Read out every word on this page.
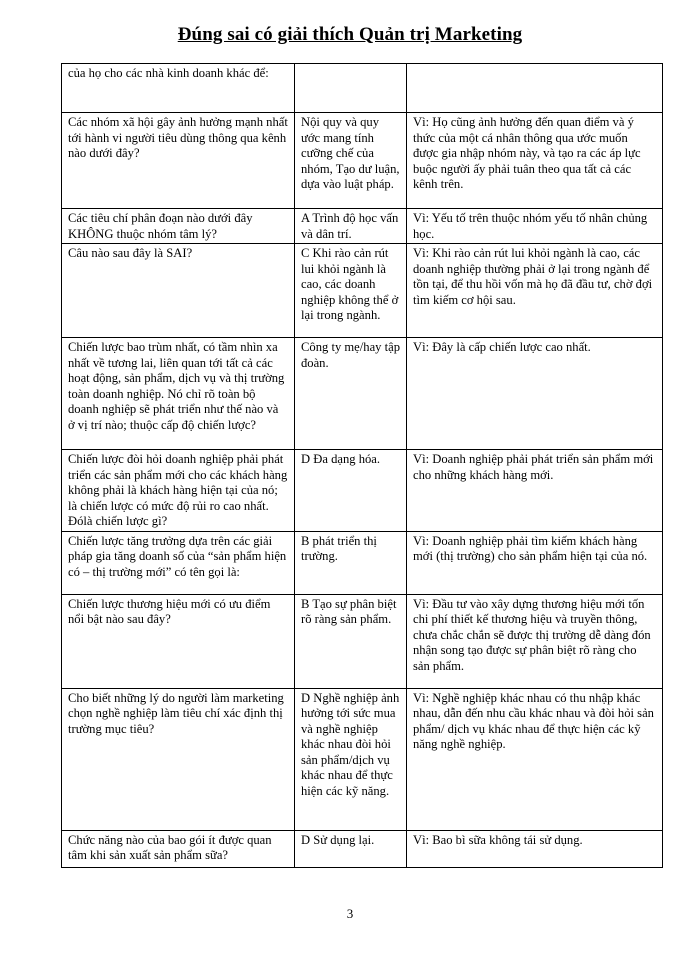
Đúng sai có giải thích Quản trị Marketing
của họ cho các nhà kinh doanh khác để:		

Các nhóm xã hội gây ảnh hưởng mạnh nhất tới hành vi người tiêu dùng thông qua kênh nào dưới đây?	Nội quy và quy ước mang tính cưỡng chế của nhóm, Tạo dư luận, dựa vào luật pháp.	Vì: Họ cũng ảnh hưởng đến quan điểm và ý thức của một cá nhân thông qua ước muốn được gia nhập nhóm này, và tạo ra các áp lực buộc người ấy phải tuân theo qua tất cả các kênh trên.

Các tiêu chí phân đoạn nào dưới đây KHÔNG thuộc nhóm tâm lý?	A Trình độ học vấn và dân trí.	Vì: Yếu tố trên thuộc nhóm yếu tố nhân chủng học.

Câu nào sau đây là SAI?	C Khi rào cản rút lui khỏi ngành là cao, các doanh nghiệp không thể ở lại trong ngành.	Vì: Khi rào cản rút lui khỏi ngành là cao, các doanh nghiệp thường phải ở lại trong ngành để tồn tại, để thu hồi vốn mà họ đã đầu tư, chờ đợi tìm kiếm cơ hội sau.

Chiến lược bao trùm nhất, có tầm nhìn xa nhất về tương lai, liên quan tới tất cả các hoạt động, sản phẩm, dịch vụ và thị trường toàn doanh nghiệp. Nó chỉ rõ toàn bộ doanh nghiệp sẽ phát triển như thế nào và ở vị trí nào; thuộc cấp độ chiến lược?	Công ty mẹ/hay tập đoàn.	Vì: Đây là cấp chiến lược cao nhất.

Chiến lược đòi hỏi doanh nghiệp phải phát triển các sản phẩm mới cho các khách hàng không phải là khách hàng hiện tại của nó; là chiến lược có mức độ rủi ro cao nhất. Đólà chiến lược gì?	D Đa dạng hóa.	Vì: Doanh nghiệp phải phát triển sản phẩm mới cho những khách hàng mới.

Chiến lược tăng trưởng dựa trên các giải pháp gia tăng doanh số của “sản phẩm hiện có – thị trường mới” có tên gọi là:	B phát triển thị trường.	Vì: Doanh nghiệp phải tìm kiếm khách hàng mới (thị trường) cho sản phẩm hiện tại của nó.

Chiến lược thương hiệu mới có ưu điểm nổi bật nào sau đây?	B Tạo sự phân biệt rõ ràng sản phẩm.	Vì: Đầu tư vào xây dựng thương hiệu mới tốn chi phí thiết kế thương hiệu và truyền thông, chưa chắc chắn sẽ được thị trường dễ dàng đón nhận song tạo được sự phân biệt rõ ràng cho sản phẩm.

Cho biết những lý do người làm marketing chọn nghề nghiệp làm tiêu chí xác định thị trường mục tiêu?	D Nghề nghiệp ảnh hưởng tới sức mua và nghề nghiệp khác nhau đòi hỏi sản phẩm/dịch vụ khác nhau để thực hiện các kỹ năng.	Vì: Nghề nghiệp khác nhau có thu nhập khác nhau, dẫn đến nhu cầu khác nhau và đòi hỏi sản phẩm/ dịch vụ khác nhau để thực hiện các kỹ năng nghề nghiệp.

Chức năng nào của bao gói ít được quan tâm khi sản xuất sản phẩm sữa?	D Sử dụng lại.	Vì: Bao bì sữa không tái sử dụng.
3
